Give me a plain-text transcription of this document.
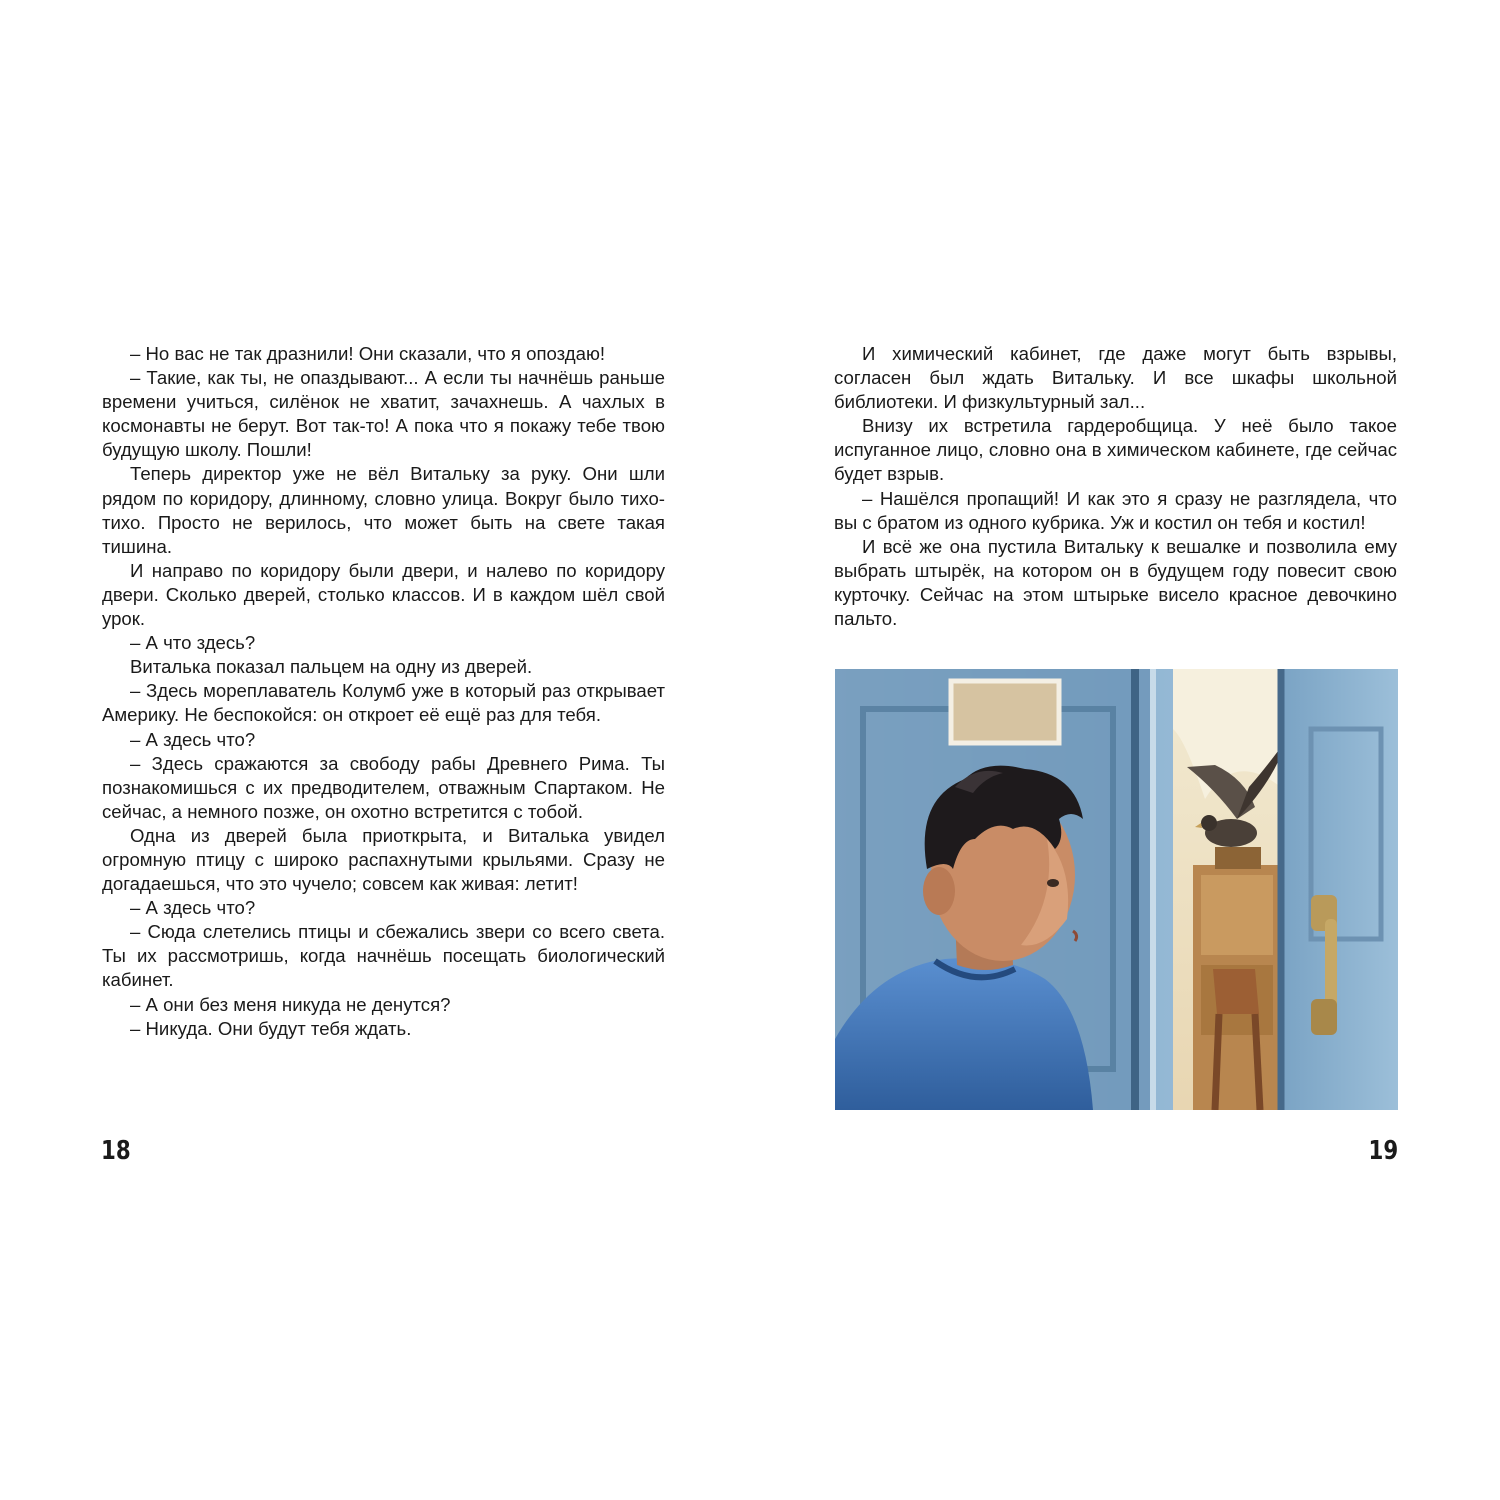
– Но вас не так дразнили! Они сказали, что я опоздаю!

– Такие, как ты, не опаздывают... А если ты начнёшь раньше времени учиться, силёнок не хватит, зачахнешь. А чахлых в космонавты не берут. Вот так-то! А пока что я покажу тебе твою будущую школу. Пошли!

Теперь директор уже не вёл Витальку за руку. Они шли рядом по коридору, длинному, словно улица. Вокруг было тихо-тихо. Просто не верилось, что может быть на свете такая тишина.

И направо по коридору были двери, и налево по коридору двери. Сколько дверей, столько классов. И в каждом шёл свой урок.

– А что здесь?

Виталька показал пальцем на одну из дверей.

– Здесь мореплаватель Колумб уже в который раз открывает Америку. Не беспокойся: он откроет её ещё раз для тебя.

– А здесь что?

– Здесь сражаются за свободу рабы Древнего Рима. Ты познакомишься с их предводителем, отважным Спартаком. Не сейчас, а немного позже, он охотно встретится с тобой.

Одна из дверей была приоткрыта, и Виталька увидел огромную птицу с широко распахнутыми крыльями. Сразу не догадаешься, что это чучело; совсем как живая: летит!

– А здесь что?

– Сюда слетелись птицы и сбежались звери со всего света. Ты их рассмотришь, когда начнёшь посещать биологический кабинет.

– А они без меня никуда не денутся?

– Никуда. Они будут тебя ждать.

18

И химический кабинет, где даже могут быть взрывы, согласен был ждать Витальку. И все шкафы школьной библиотеки. И физкультурный зал...

Внизу их встретила гардеробщица. У неё было такое испуганное лицо, словно она в химическом кабинете, где сейчас будет взрыв.

– Нашёлся пропащий! И как это я сразу не разглядела, что вы с братом из одного кубрика. Уж и костил он тебя и костил!

И всё же она пустила Витальку к вешалке и позволила ему выбрать штырёк, на котором он в будущем году повесит свою курточку. Сейчас на этом штырьке висело красное девочкино пальто.

19
